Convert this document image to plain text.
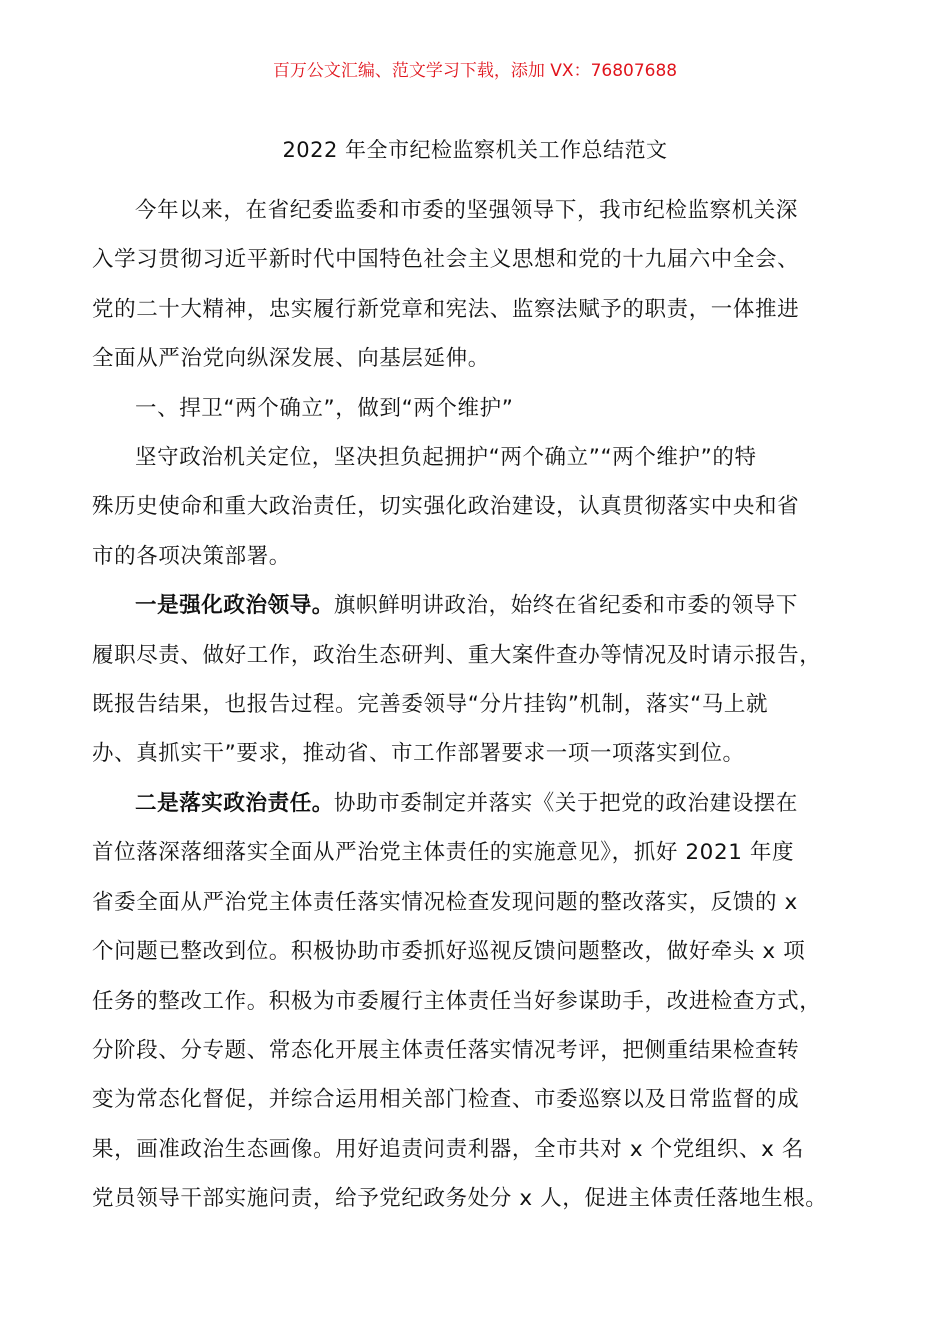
百万公文汇编、范文学习下载，添加 VX：76807688
2022 年全市纪检监察机关工作总结范文

今年以来，在省纪委监委和市委的坚强领导下，我市纪检监察机关深
入学习贯彻习近平新时代中国特色社会主义思想和党的十九届六中全会、
党的二十大精神，忠实履行新党章和宪法、监察法赋予的职责，一体推进
全面从严治党向纵深发展、向基层延伸。

一、捍卫“两个确立”，做到“两个维护”

坚守政治机关定位，坚决担负起拥护“两个确立”“两个维护”的特
殊历史使命和重大政治责任，切实强化政治建设，认真贯彻落实中央和省
市的各项决策部署。

一是强化政治领导。旗帜鲜明讲政治，始终在省纪委和市委的领导下
履职尽责、做好工作，政治生态研判、重大案件查办等情况及时请示报告，
既报告结果，也报告过程。完善委领导“分片挂钩”机制，落实“马上就
办、真抓实干”要求，推动省、市工作部署要求一项一项落实到位。

二是落实政治责任。协助市委制定并落实《关于把党的政治建设摆在
首位落深落细落实全面从严治党主体责任的实施意见》，抓好 2021 年度
省委全面从严治党主体责任落实情况检查发现问题的整改落实，反馈的 x
个问题已整改到位。积极协助市委抓好巡视反馈问题整改，做好牵头 x 项
任务的整改工作。积极为市委履行主体责任当好参谋助手，改进检查方式，
分阶段、分专题、常态化开展主体责任落实情况考评，把侧重结果检查转
变为常态化督促，并综合运用相关部门检查、市委巡察以及日常监督的成
果，画准政治生态画像。用好追责问责利器，全市共对 x 个党组织、x 名
党员领导干部实施问责，给予党纪政务处分 x 人，促进主体责任落地生根。
